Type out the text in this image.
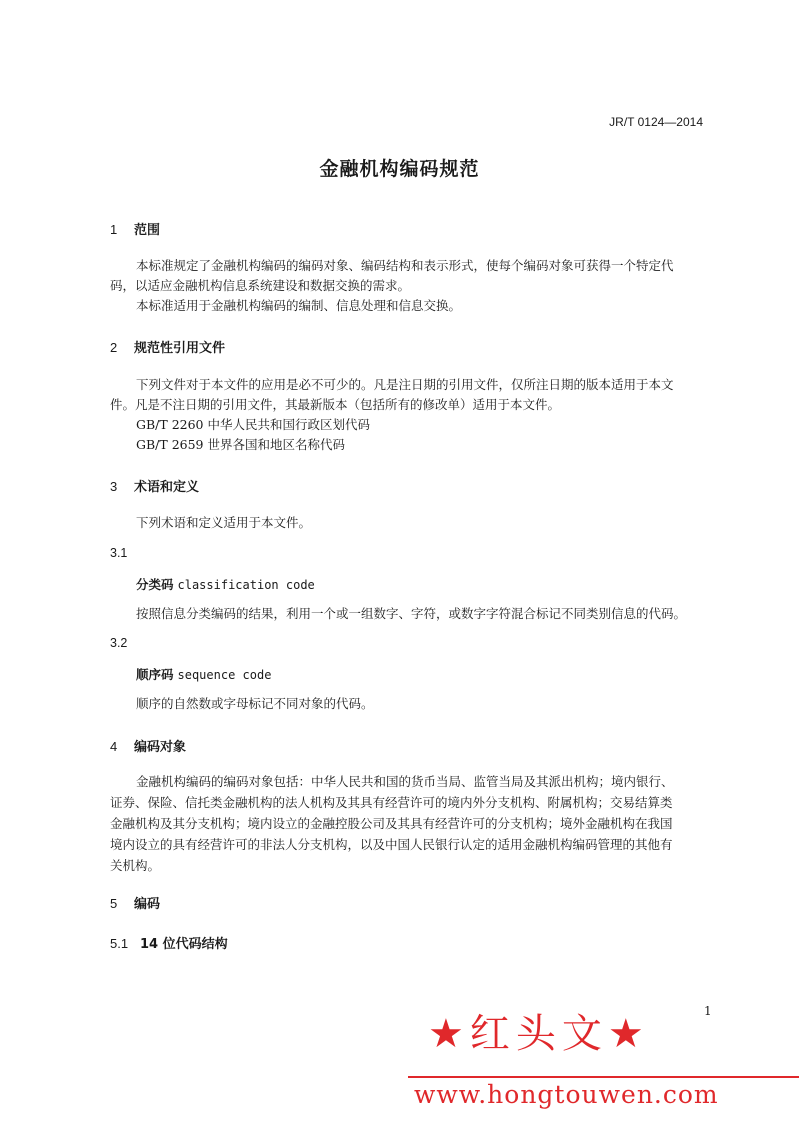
JR/T 0124—2014
金融机构编码规范
1 范围
本标准规定了金融机构编码的编码对象、编码结构和表示形式，使每个编码对象可获得一个特定代
码，以适应金融机构信息系统建设和数据交换的需求。
本标准适用于金融机构编码的编制、信息处理和信息交换。
2 规范性引用文件
下列文件对于本文件的应用是必不可少的。凡是注日期的引用文件，仅所注日期的版本适用于本文
件。凡是不注日期的引用文件，其最新版本（包括所有的修改单）适用于本文件。
GB/T 2260 中华人民共和国行政区划代码
GB/T 2659 世界各国和地区名称代码
3 术语和定义
下列术语和定义适用于本文件。
3.1
分类码 classification code
按照信息分类编码的结果，利用一个或一组数字、字符，或数字字符混合标记不同类别信息的代码。
3.2
顺序码 sequence code
顺序的自然数或字母标记不同对象的代码。
4 编码对象
金融机构编码的编码对象包括：中华人民共和国的货币当局、监管当局及其派出机构；境内银行、
证券、保险、信托类金融机构的法人机构及其具有经营许可的境内外分支机构、附属机构；交易结算类
金融机构及其分支机构；境内设立的金融控股公司及其具有经营许可的分支机构；境外金融机构在我国
境内设立的具有经营许可的非法人分支机构，以及中国人民银行认定的适用金融机构编码管理的其他有
关机构。
5 编码
5.1 14 位代码结构
1
★红头文★
www.hongtouwen.com
